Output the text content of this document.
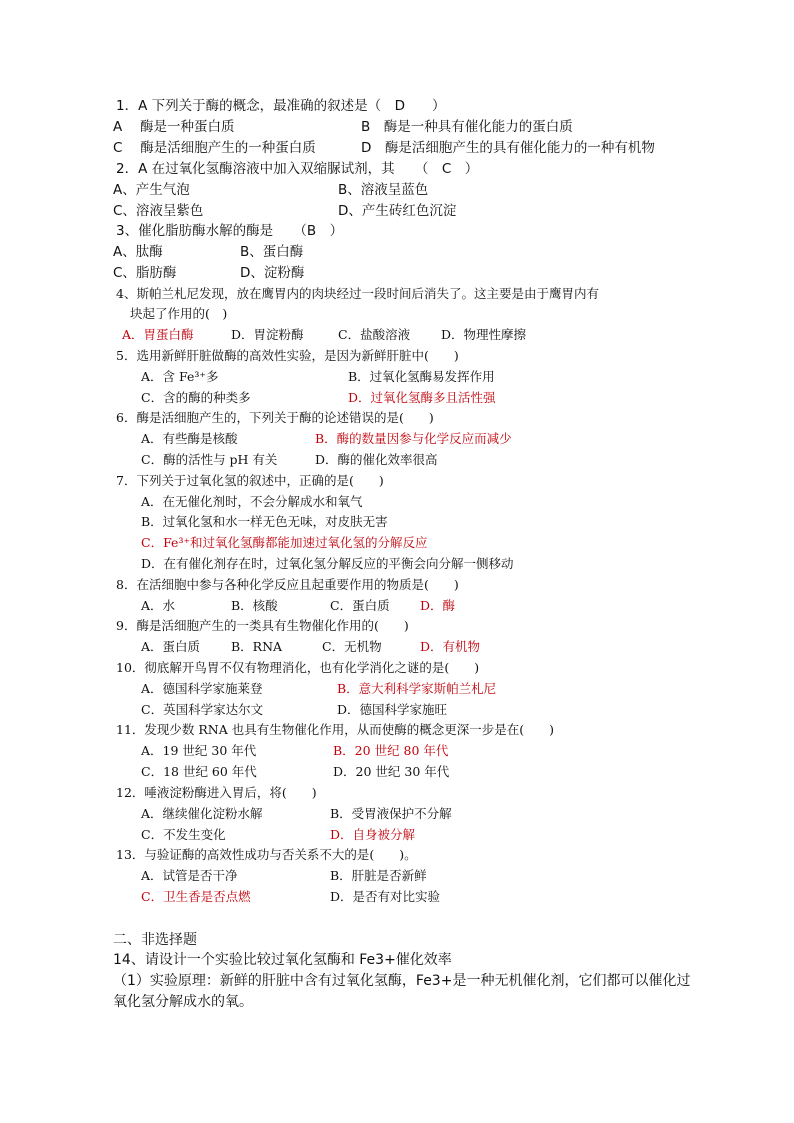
1．A 下列关于酶的概念，最准确的叙述是（　D　　）
A　 酶是一种蛋白质	B　酶是一种具有催化能力的蛋白质
C　 酶是活细胞产生的一种蛋白质	D　酶是活细胞产生的具有催化能力的一种有机物
2．A 在过氧化氢酶溶液中加入双缩脲试剂，其　　（　C　）
A、产生气泡	B、溶液呈蓝色
C、溶液呈紫色	D、产生砖红色沉淀
3、催化脂肪酶水解的酶是　　（B　）
A、肽酶	B、蛋白酶
C、脂肪酶	D、淀粉酶
4、斯帕兰札尼发现，放在鹰胃内的肉块经过一段时间后消失了。这主要是由于鹰胃内有
块起了作用的(　)
A．胃蛋白酶	D．胃淀粉酶	C．盐酸溶液 D．物理性摩擦
5．选用新鲜肝脏做酶的高效性实验，是因为新鲜肝脏中(　　)
A．含 Fe³⁺多	B．过氧化氢酶易发挥作用
C．含的酶的种类多	D．过氧化氢酶多且活性强
6．酶是活细胞产生的，下列关于酶的论述错误的是(　　)
A．有些酶是核酸	B．酶的数量因参与化学反应而减少
C．酶的活性与 pH 有关	D．酶的催化效率很高
7．下列关于过氧化氢的叙述中，正确的是(　　)
A．在无催化剂时，不会分解成水和氧气
B．过氧化氢和水一样无色无味，对皮肤无害
C．Fe³⁺和过氧化氢酶都能加速过氧化氢的分解反应
D．在有催化剂存在时，过氧化氢分解反应的平衡会向分解一侧移动
8．在活细胞中参与各种化学反应且起重要作用的物质是(　　)
A．水	B．核酸	C．蛋白质 D．酶
9．酶是活细胞产生的一类具有生物催化作用的(　　)
A．蛋白质 B．RNA	C．无机物	D．有机物
10．彻底解开鸟胃不仅有物理消化，也有化学消化之谜的是(　　)
A．德国科学家施莱登	B．意大利科学家斯帕兰札尼
C．英国科学家达尔文	D．德国科学家施旺
11．发现少数 RNA 也具有生物催化作用，从而使酶的概念更深一步是在(　　)
A．19 世纪 30 年代	B．20 世纪 80 年代
C．18 世纪 60 年代	D．20 世纪 30 年代
12．唾液淀粉酶进入胃后，将(　　)
A．继续催化淀粉水解	B．受胃液保护不分解
C．不发生变化	D．自身被分解
13．与验证酶的高效性成功与否关系不大的是(　　)。
A．试管是否干净	B．肝脏是否新鲜
C．卫生香是否点燃	D．是否有对比实验
二、非选择题
14、请设计一个实验比较过氧化氢酶和 Fe3+催化效率
（1）实验原理：新鲜的肝脏中含有过氧化氢酶，Fe3+是一种无机催化剂，它们都可以催化过
氧化氢分解成水的氧。
